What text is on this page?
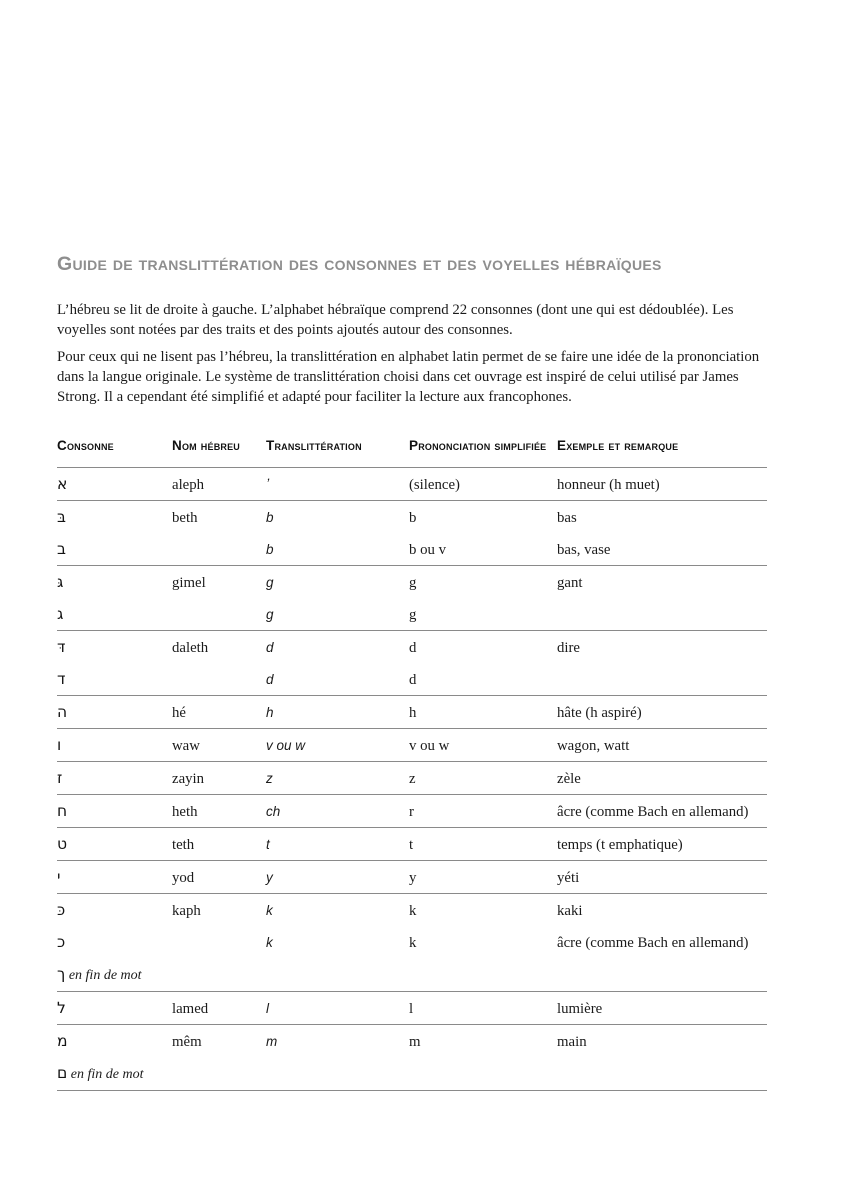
Guide de translittération des consonnes et des voyelles hébraïques

L’hébreu se lit de droite à gauche. L’alphabet hébraïque comprend 22 consonnes (dont une qui est dédoublée). Les voyelles sont notées par des traits et des points ajoutés autour des consonnes.

Pour ceux qui ne lisent pas l’hébreu, la translittération en alphabet latin permet de se faire une idée de la prononciation dans la langue originale. Le système de translittération choisi dans cet ouvrage est inspiré de celui utilisé par James Strong. Il a cependant été simplifié et adapté pour faciliter la lecture aux francophones.

Consonne	Nom hébreu	Translittération	Prononciation simplifiée	Exemple et remarque
א	aleph	ʼ	(silence)	honneur (h muet)
בּ	beth	b	b	bas
ב		b	b ou v	bas, vase
גּ	gimel	g	g	gant
ג		g	g	
דּ	daleth	d	d	dire
ד		d	d	
ה	hé	h	h	hâte (h aspiré)
ו	waw	v ou w	v ou w	wagon, watt
ז	zayin	z	z	zèle
ח	heth	ch	r	âcre (comme Bach en allemand)
ט	teth	t	t	temps (t emphatique)
י	yod	y	y	yéti
כּ	kaph	k	k	kaki
כ		k	k	âcre (comme Bach en allemand)
ך en fin de mot				
ל	lamed	l	l	lumière
מ	mêm	m	m	main
ם en fin de mot				
